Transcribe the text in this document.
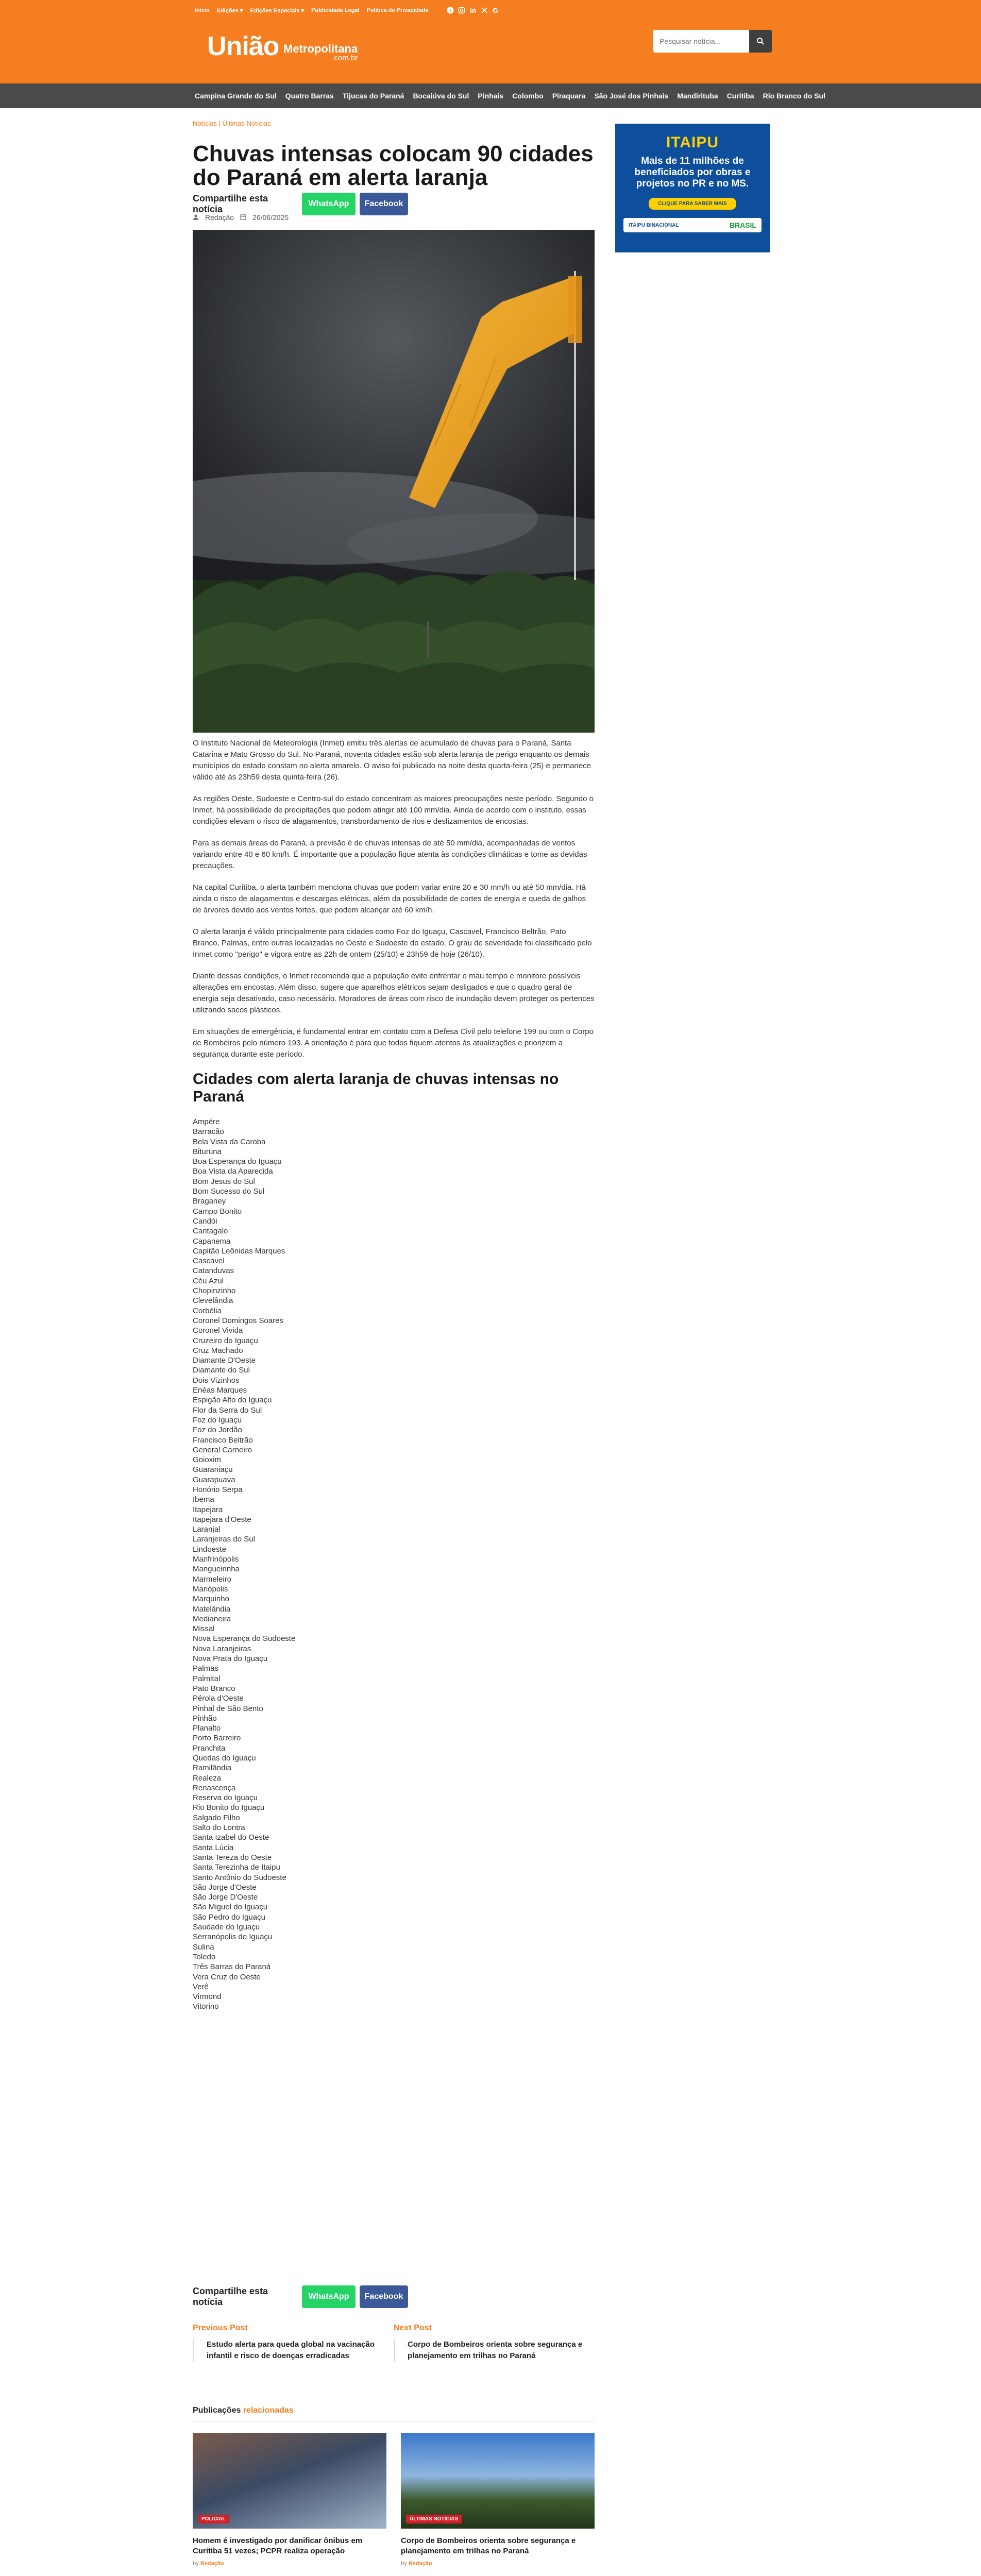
Início Edições ▾ Edições Especiais ▾ Publicidade Legal Política de Privacidade	f
União Metropolitana
.com.br
Pesquisar notícia...
Campina Grande do Sul Quatro Barras Tijucas do Paraná Bocaiúva do Sul Pinhais Colombo Piraquara São José dos Pinhais Mandirituba Curitiba Rio Branco do Sul
Notícias | Últimas Notícias
Chuvas intensas colocam 90 cidades do Paraná em alerta laranja
Compartilhe esta notícia
WhatsApp	Facebook
Redação	26/06/2025

O Instituto Nacional de Meteorologia (Inmet) emitiu três alertas de acumulado de chuvas para o Paraná, Santa Catarina e Mato Grosso do Sul. No Paraná, noventa cidades estão sob alerta laranja de perigo enquanto os demais municípios do estado constam no alerta amarelo. O aviso foi publicado na noite desta quarta-feira (25) e permanece válido até às 23h59 desta quinta-feira (26).

As regiões Oeste, Sudoeste e Centro-sul do estado concentram as maiores preocupações neste período. Segundo o Inmet, há possibilidade de precipitações que podem atingir até 100 mm/dia. Ainda de acordo com o instituto, essas condições elevam o risco de alagamentos, transbordamento de rios e deslizamentos de encostas.

Para as demais áreas do Paraná, a previsão é de chuvas intensas de até 50 mm/dia, acompanhadas de ventos variando entre 40 e 60 km/h. É importante que a população fique atenta às condições climáticas e tome as devidas precauções.

Na capital Curitiba, o alerta também menciona chuvas que podem variar entre 20 e 30 mm/h ou até 50 mm/dia. Há ainda o risco de alagamentos e descargas elétricas, além da possibilidade de cortes de energia e queda de galhos de árvores devido aos ventos fortes, que podem alcançar até 60 km/h.

O alerta laranja é válido principalmente para cidades como Foz do Iguaçu, Cascavel, Francisco Beltrão, Pato Branco, Palmas, entre outras localizadas no Oeste e Sudoeste do estado. O grau de severidade foi classificado pelo Inmet como "perigo" e vigora entre as 22h de ontem (25/10) e 23h59 de hoje (26/10).

Diante dessas condições, o Inmet recomenda que a população evite enfrentar o mau tempo e monitore possíveis alterações em encostas. Além disso, sugere que aparelhos elétricos sejam desligados e que o quadro geral de energia seja desativado, caso necessário. Moradores de áreas com risco de inundação devem proteger os pertences utilizando sacos plásticos.

Em situações de emergência, é fundamental entrar em contato com a Defesa Civil pelo telefone 199 ou com o Corpo de Bombeiros pelo número 193. A orientação é para que todos fiquem atentos às atualizações e priorizem a segurança durante este período.

Cidades com alerta laranja de chuvas intensas no Paraná
Ampére
Barracão
Bela Vista da Caroba
Bituruna
Boa Esperança do Iguaçu
Boa Vista da Aparecida
Bom Jesus do Sul
Bom Sucesso do Sul
Braganey
Campo Bonito
Candói
Cantagalo
Capanema
Capitão Leônidas Marques
Cascavel
Catanduvas
Céu Azul
Chopinzinho
Clevelândia
Corbélia
Coronel Domingos Soares
Coronel Vivida
Cruzeiro do Iguaçu
Cruz Machado
Diamante D'Oeste
Diamante do Sul
Dois Vizinhos
Enéas Marques
Espigão Alto do Iguaçu
Flor da Serra do Sul
Foz do Iguaçu
Foz do Jordão
Francisco Beltrão
General Carneiro
Goioxim
Guaraniaçu
Guarapuava
Honório Serpa
Ibema
Itapejara
Itapejara d'Oeste
Laranjal
Laranjeiras do Sul
Lindoeste
Manfrinópolis
Mangueirinha
Marmeleiro
Mariópolis
Marquinho
Matelândia
Medianeira
Missal
Nova Esperança do Sudoeste
Nova Laranjeiras
Nova Prata do Iguaçu
Palmas
Palmital
Pato Branco
Pérola d'Oeste
Pinhal de São Bento
Pinhão
Planalto
Porto Barreiro
Pranchita
Quedas do Iguaçu
Ramilândia
Realeza
Renascença
Reserva do Iguaçu
Rio Bonito do Iguaçu
Salgado Filho
Salto do Lontra
Santa Izabel do Oeste
Santa Lúcia
Santa Tereza do Oeste
Santa Terezinha de Itaipu
Santo Antônio do Sudoeste
São Jorge d'Oeste
São Jorge D'Oeste
São Miguel do Iguaçu
São Pedro do Iguaçu
Saudade do Iguaçu
Serranópolis do Iguaçu
Sulina
Toledo
Três Barras do Paraná
Vera Cruz do Oeste
Verê
Virmond
Vitorino
ITAIPU
Mais de 11 milhões de beneficiados por obras e projetos no PR e no MS.
CLIQUE PARA SABER MAIS
ITAIPU BINACIONAL	BRASIL
Compartilhe esta notícia
WhatsApp	Facebook
Previous Post
Estudo alerta para queda global na vacinação infantil e risco de doenças erradicadas
Next Post
Corpo de Bombeiros orienta sobre segurança e planejamento em trilhas no Paraná
Publicações relacionadas
POLICIAL
Homem é investigado por danificar ônibus em Curitiba 51 vezes; PCPR realiza operação
by Redação
ÚLTIMAS NOTÍCIAS
Corpo de Bombeiros orienta sobre segurança e planejamento em trilhas no Paraná
by Redação
